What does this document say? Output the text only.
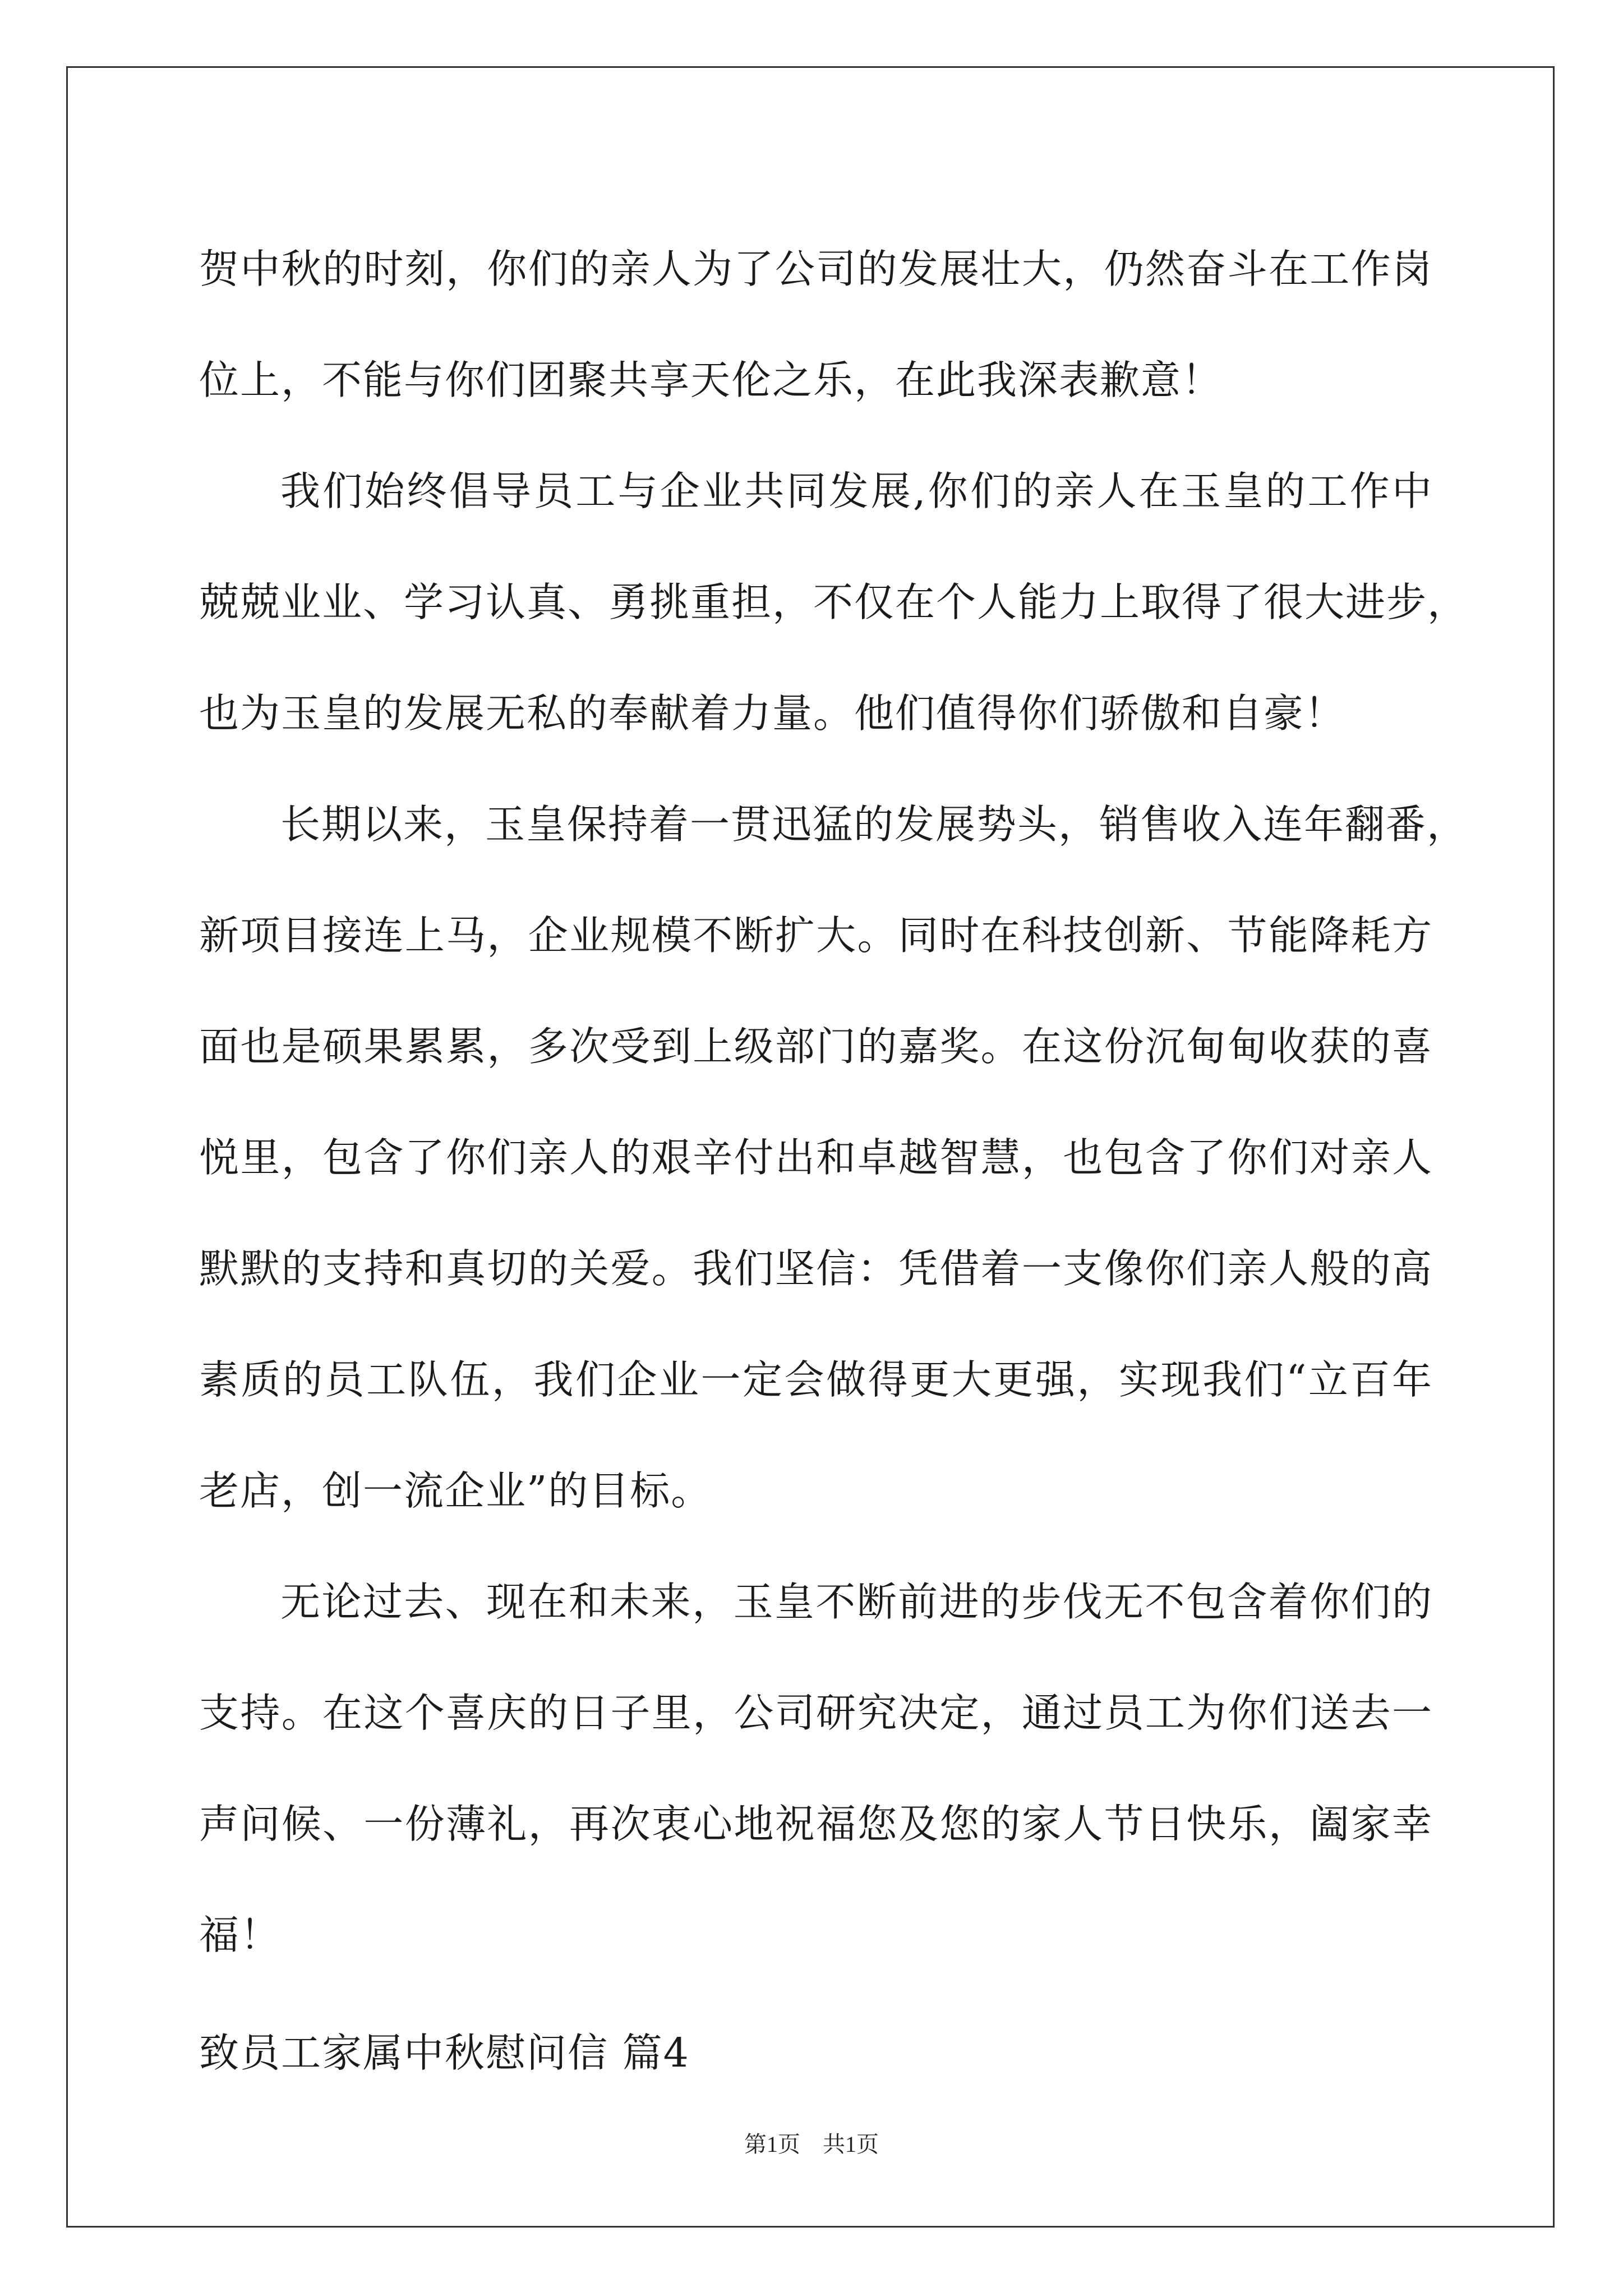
贺中秋的时刻，你们的亲人为了公司的发展壮大，仍然奋斗在工作岗
位上，不能与你们团聚共享天伦之乐，在此我深表歉意！
我们始终倡导员工与企业共同发展,你们的亲人在玉皇的工作中
兢兢业业、学习认真、勇挑重担，不仅在个人能力上取得了很大进步，
也为玉皇的发展无私的奉献着力量。他们值得你们骄傲和自豪！
长期以来，玉皇保持着一贯迅猛的发展势头，销售收入连年翻番，
新项目接连上马，企业规模不断扩大。同时在科技创新、节能降耗方
面也是硕果累累，多次受到上级部门的嘉奖。在这份沉甸甸收获的喜
悦里，包含了你们亲人的艰辛付出和卓越智慧，也包含了你们对亲人
默默的支持和真切的关爱。我们坚信：凭借着一支像你们亲人般的高
素质的员工队伍，我们企业一定会做得更大更强，实现我们“立百年
老店，创一流企业”的目标。
无论过去、现在和未来，玉皇不断前进的步伐无不包含着你们的
支持。在这个喜庆的日子里，公司研究决定，通过员工为你们送去一
声问候、一份薄礼，再次衷心地祝福您及您的家人节日快乐，阖家幸
福！
致员工家属中秋慰问信 篇4
第1页　共1页
